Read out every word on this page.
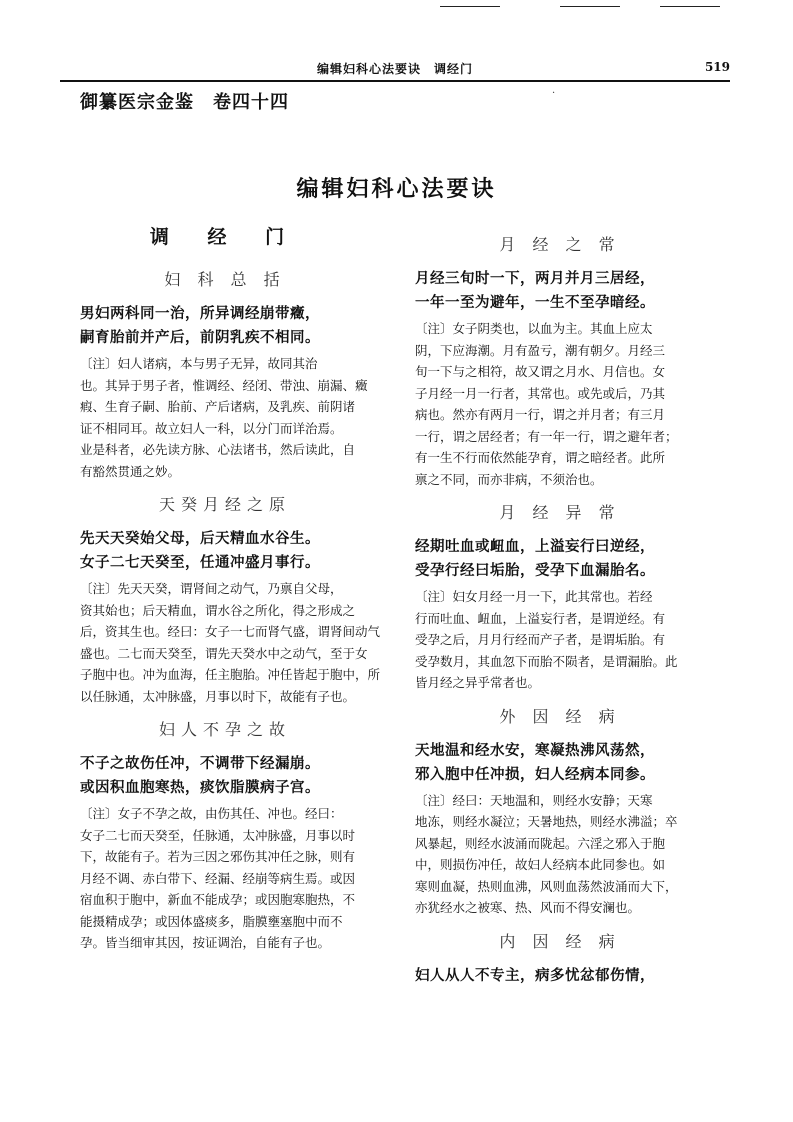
编辑妇科心法要诀　调经门	519
御纂医宗金鉴　卷四十四	·
编辑妇科心法要诀
调 经 门
妇 科 总 括
男妇两科同一治，所异调经崩带癥，
嗣育胎前并产后，前阴乳疾不相同。
〔注〕妇人诸病，本与男子无异，故同其治
也。其异于男子者，惟调经、经闭、带浊、崩漏、癥
瘕、生育子嗣、胎前、产后诸病，及乳疾、前阴诸
证不相同耳。故立妇人一科，以分门而详治焉。
业是科者，必先读方脉、心法诸书，然后读此，自
有豁然贯通之妙。
天癸月经之原
先天天癸始父母，后天精血水谷生。
女子二七天癸至，任通冲盛月事行。
〔注〕先天天癸，谓肾间之动气，乃禀自父母，
资其始也；后天精血，谓水谷之所化，得之形成之
后，资其生也。经曰：女子一七而肾气盛，谓肾间动气
盛也。二七而天癸至，谓先天癸水中之动气，至于女
子胞中也。冲为血海，任主胞胎。冲任皆起于胞中，所
以任脉通，太冲脉盛，月事以时下，故能有子也。
妇人不孕之故
不子之故伤任冲，不调带下经漏崩。
或因积血胞寒热，痰饮脂膜病子宫。
〔注〕女子不孕之故，由伤其任、冲也。经曰：
女子二七而天癸至，任脉通，太冲脉盛，月事以时
下，故能有子。若为三因之邪伤其冲任之脉，则有
月经不调、赤白带下、经漏、经崩等病生焉。或因
宿血积于胞中，新血不能成孕；或因胞寒胞热，不
能摄精成孕；或因体盛痰多，脂膜壅塞胞中而不
孕。皆当细审其因，按证调治，自能有子也。
月 经 之 常
月经三旬时一下，两月并月三居经，
一年一至为避年，一生不至孕暗经。
〔注〕女子阴类也，以血为主。其血上应太
阴，下应海潮。月有盈亏，潮有朝夕。月经三
旬一下与之相符，故又谓之月水、月信也。女
子月经一月一行者，其常也。或先或后，乃其
病也。然亦有两月一行，谓之并月者；有三月
一行，谓之居经者；有一年一行，谓之避年者；
有一生不行而依然能孕育，谓之暗经者。此所
禀之不同，而亦非病，不须治也。
月 经 异 常
经期吐血或衄血，上溢妄行曰逆经，
受孕行经曰垢胎，受孕下血漏胎名。
〔注〕妇女月经一月一下，此其常也。若经
行而吐血、衄血，上溢妄行者，是谓逆经。有
受孕之后，月月行经而产子者，是谓垢胎。有
受孕数月，其血忽下而胎不陨者，是谓漏胎。此
皆月经之异乎常者也。
外 因 经 病
天地温和经水安，寒凝热沸风荡然，
邪入胞中任冲损，妇人经病本同参。
〔注〕经曰：天地温和，则经水安静；天寒
地冻，则经水凝泣；天暑地热，则经水沸溢；卒
风暴起，则经水波涌而陇起。六淫之邪入于胞
中，则损伤冲任，故妇人经病本此同参也。如
寒则血凝，热则血沸，风则血荡然波涌而大下，
亦犹经水之被寒、热、风而不得安澜也。
内 因 经 病
妇人从人不专主，病多忧忿郁伤情，
